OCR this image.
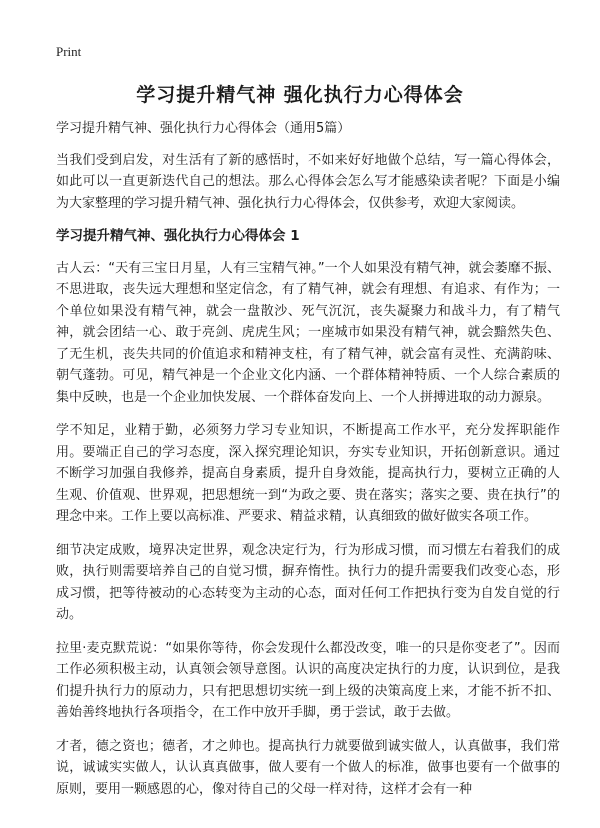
Print
学习提升精气神 强化执行力心得体会

学习提升精气神、强化执行力心得体会（通用5篇）

当我们受到启发，对生活有了新的感悟时，不如来好好地做个总结，写一篇心得体会，如此可以一直更新迭代自己的想法。那么心得体会怎么写才能感染读者呢？下面是小编为大家整理的学习提升精气神、强化执行力心得体会，仅供参考，欢迎大家阅读。

学习提升精气神、强化执行力心得体会 1

古人云：“天有三宝日月星，人有三宝精气神。”一个人如果没有精气神，就会萎靡不振、不思进取，丧失远大理想和坚定信念，有了精气神，就会有理想、有追求、有作为；一个单位如果没有精气神，就会一盘散沙、死气沉沉，丧失凝聚力和战斗力，有了精气神，就会团结一心、敢于亮剑、虎虎生风；一座城市如果没有精气神，就会黯然失色、了无生机，丧失共同的价值追求和精神支柱，有了精气神，就会富有灵性、充满韵味、朝气蓬勃。可见，精气神是一个企业文化内涵、一个群体精神特质、一个人综合素质的集中反映，也是一个企业加快发展、一个群体奋发向上、一个人拼搏进取的动力源泉。

学不知足，业精于勤，必须努力学习专业知识，不断提高工作水平，充分发挥职能作用。要端正自己的学习态度，深入探究理论知识，夯实专业知识，开拓创新意识。通过不断学习加强自我修养，提高自身素质，提升自身效能，提高执行力，要树立正确的人生观、价值观、世界观，把思想统一到“为政之要、贵在落实；落实之要、贵在执行”的理念中来。工作上要以高标准、严要求、精益求精，认真细致的做好做实各项工作。

细节决定成败，境界决定世界，观念决定行为，行为形成习惯，而习惯左右着我们的成败，执行则需要培养自己的自觉习惯，摒弃惰性。执行力的提升需要我们改变心态，形成习惯，把等待被动的心态转变为主动的心态，面对任何工作把执行变为自发自觉的行动。

拉里·麦克默荒说：“如果你等待，你会发现什么都没改变，唯一的只是你变老了”。因而工作必须积极主动，认真领会领导意图。认识的高度决定执行的力度，认识到位，是我们提升执行力的原动力，只有把思想切实统一到上级的决策高度上来，才能不折不扣、善始善终地执行各项指令，在工作中放开手脚，勇于尝试，敢于去做。

才者，德之资也；德者，才之帅也。提高执行力就要做到诚实做人，认真做事，我们常说，诚诚实实做人，认认真真做事，做人要有一个做人的标准，做事也要有一个做事的原则，要用一颗感恩的心，像对待自己的父母一样对待，这样才会有一种
